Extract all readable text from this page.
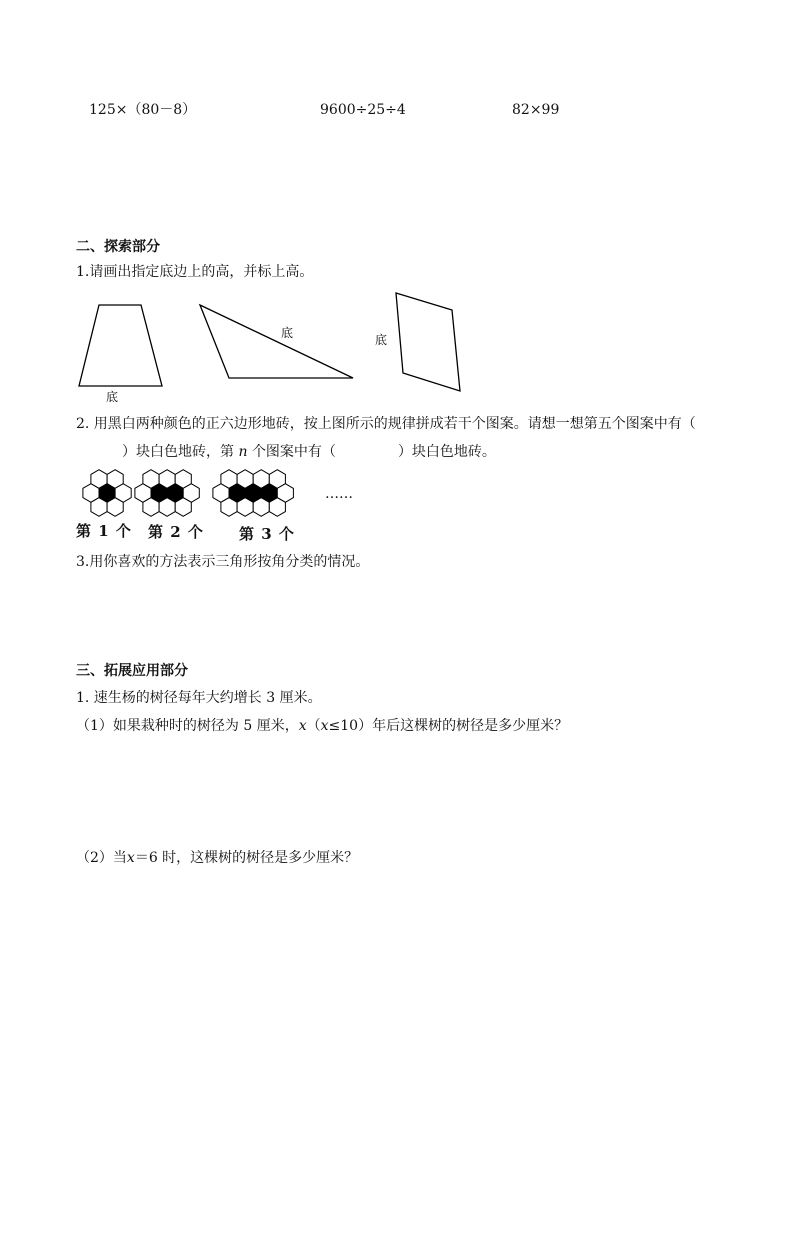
125×（80－8）	9600÷25÷4	82×99
二、探索部分
1.请画出指定底边上的高，并标上高。
底
底	底
2. 用黑白两种颜色的正六边形地砖，按上图所示的规律拼成若干个图案。请想一想第五个图案中有（）块白色地砖，第 n 个图案中有（	）块白色地砖。
……
第 1 个 第 2 个 第 3 个
3.用你喜欢的方法表示三角形按角分类的情况。
三、拓展应用部分
1. 速生杨的树径每年大约增长 3 厘米。
（1）如果栽种时的树径为 5 厘米，x（x≤10）年后这棵树的树径是多少厘米？
（2）当x＝6 时，这棵树的树径是多少厘米？
